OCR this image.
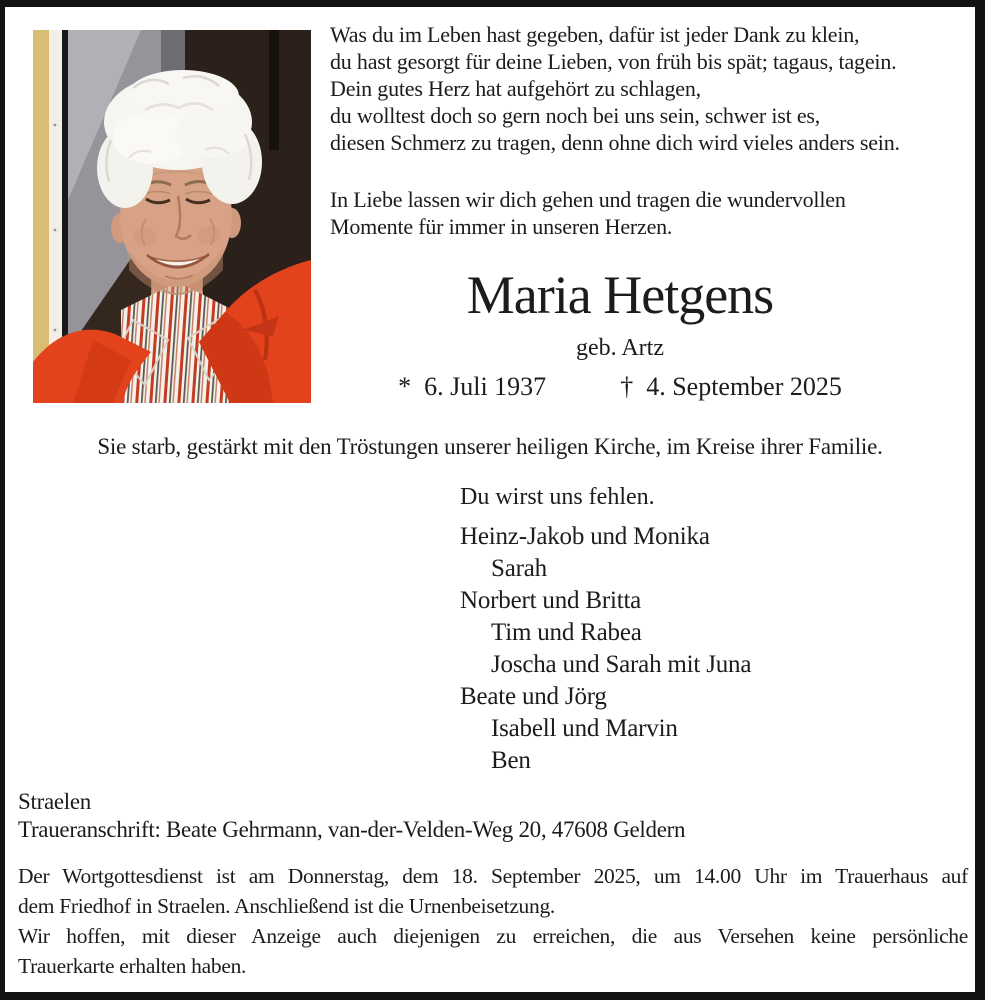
Was du im Leben hast gegeben, dafür ist jeder Dank zu klein,
du hast gesorgt für deine Lieben, von früh bis spät; tagaus, tagein.
Dein gutes Herz hat aufgehört zu schlagen,
du wolltest doch so gern noch bei uns sein, schwer ist es,
diesen Schmerz zu tragen, denn ohne dich wird vieles anders sein.
In Liebe lassen wir dich gehen und tragen die wundervollen
Momente für immer in unseren Herzen.
Maria Hetgens
geb. Artz
* 6. Juli 1937	† 4. September 2025
Sie starb, gestärkt mit den Tröstungen unserer heiligen Kirche, im Kreise ihrer Familie.
Du wirst uns fehlen.
Heinz-Jakob und Monika
Sarah
Norbert und Britta
Tim und Rabea
Joscha und Sarah mit Juna
Beate und Jörg
Isabell und Marvin
Ben
Straelen
Traueranschrift: Beate Gehrmann, van-der-Velden-Weg 20, 47608 Geldern
Der Wortgottesdienst ist am Donnerstag, dem 18. September 2025, um 14.00 Uhr im Trauerhaus auf
dem Friedhof in Straelen. Anschließend ist die Urnenbeisetzung.
Wir hoffen, mit dieser Anzeige auch diejenigen zu erreichen, die aus Versehen keine persönliche
Trauerkarte erhalten haben.
